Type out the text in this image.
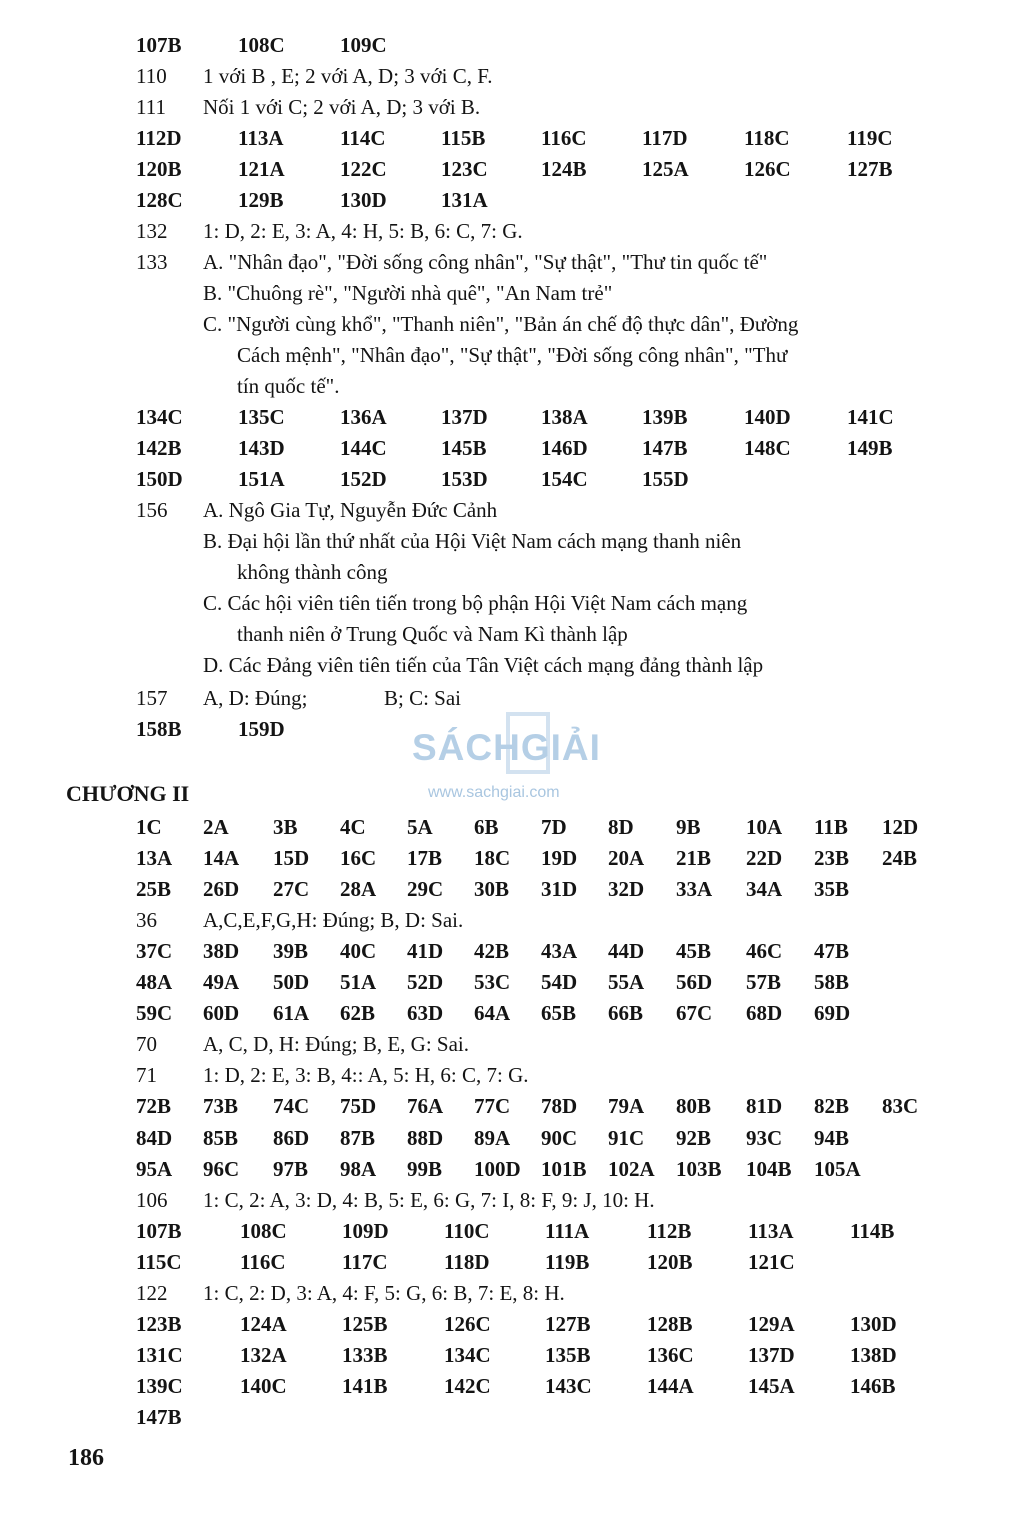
107B	108C	109C
110 1 với B , E; 2 với A, D; 3 với C, F.
111 Nối 1 với C; 2 với A, D; 3 với B.
112D	113A	114C	115B	116C	117D	118C	119C
120B	121A	122C	123C	124B	125A	126C	127B
128C	129B	130D	131A
132 1: D, 2: E, 3: A, 4: H, 5: B, 6: C, 7: G.
133 A. "Nhân đạo", "Đời sống công nhân", "Sự thật", "Thư tin quốc tế"
B. "Chuông rè", "Người nhà quê", "An Nam trẻ"
C. "Người cùng khổ", "Thanh niên", "Bản án chế độ thực dân", Đường
Cách mệnh", "Nhân đạo", "Sự thật", "Đời sống công nhân", "Thư
tín quốc tế".
134C	135C	136A	137D	138A	139B	140D	141C
142B	143D	144C	145B	146D	147B	148C	149B
150D	151A	152D	153D	154C	155D
156 A. Ngô Gia Tự, Nguyễn Đức Cảnh
B. Đại hội lần thứ nhất của Hội Việt Nam cách mạng thanh niên
không thành công
C. Các hội viên tiên tiến trong bộ phận Hội Việt Nam cách mạng
thanh niên ở Trung Quốc và Nam Kì thành lập
D. Các Đảng viên tiên tiến của Tân Việt cách mạng đảng thành lập
157 A, D: Đúng;	B; C: Sai
158B	159D
CHƯƠNG II
1C 2A 3B 4C 5A 6B 7D 8D 9B 10A 11B 12D
13A 14A 15D 16C 17B 18C 19D 20A 21B 22D 23B 24B
25B 26D 27C 28A 29C 30B 31D 32D 33A 34A 35B
36 A,C,E,F,G,H: Đúng; B, D: Sai.
37C 38D 39B 40C 41D 42B 43A 44D 45B 46C 47B
48A 49A 50D 51A 52D 53C 54D 55A 56D 57B 58B
59C 60D 61A 62B 63D 64A 65B 66B 67C 68D 69D
70 A, C, D, H: Đúng; B, E, G: Sai.
71 1: D, 2: E, 3: B, 4:: A, 5: H, 6: C, 7: G.
72B 73B 74C 75D 76A 77C 78D 79A 80B 81D 82B 83C
84D 85B 86D 87B 88D 89A 90C 91C 92B 93C 94B
95A 96C 97B 98A 99B 100D 101B 102A 103B 104B 105A
106 1: C, 2: A, 3: D, 4: B, 5: E, 6: G, 7: I, 8: F, 9: J, 10: H.
107B	108C	109D	110C	111A	112B	113A	114B
115C	116C	117C	118D	119B	120B	121C
122 1: C, 2: D, 3: A, 4: F, 5: G, 6: B, 7: E, 8: H.
123B	124A	125B	126C	127B	128B	129A	130D
131C	132A	133B	134C	135B	136C	137D	138D
139C	140C	141B	142C	143C	144A	145A	146B
147B
SÁCHGIẢI
www.sachgiai.com
186
